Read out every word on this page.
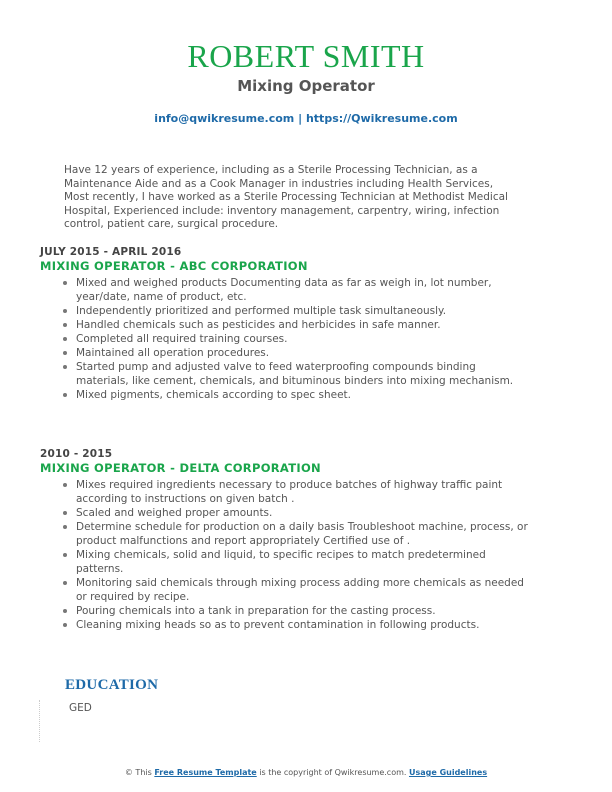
ROBERT SMITH
Mixing Operator
info@qwikresume.com | https://Qwikresume.com

Have 12 years of experience, including as a Sterile Processing Technician, as a Maintenance Aide and as a Cook Manager in industries including Health Services, Most recently, I have worked as a Sterile Processing Technician at Methodist Medical Hospital, Experienced include: inventory management, carpentry, wiring, infection control, patient care, surgical procedure.

JULY 2015 - APRIL 2016
MIXING OPERATOR - ABC CORPORATION
Mixed and weighed products Documenting data as far as weigh in, lot number, year/date, name of product, etc.
Independently prioritized and performed multiple task simultaneously.
Handled chemicals such as pesticides and herbicides in safe manner.
Completed all required training courses.
Maintained all operation procedures.
Started pump and adjusted valve to feed waterproofing compounds binding materials, like cement, chemicals, and bituminous binders into mixing mechanism.
Mixed pigments, chemicals according to spec sheet.
2010 - 2015
MIXING OPERATOR - DELTA CORPORATION
Mixes required ingredients necessary to produce batches of highway traffic paint according to instructions on given batch .
Scaled and weighed proper amounts.
Determine schedule for production on a daily basis Troubleshoot machine, process, or product malfunctions and report appropriately Certified use of .
Mixing chemicals, solid and liquid, to specific recipes to match predetermined patterns.
Monitoring said chemicals through mixing process adding more chemicals as needed or required by recipe.
Pouring chemicals into a tank in preparation for the casting process.
Cleaning mixing heads so as to prevent contamination in following products.
EDUCATION
GED
© This Free Resume Template is the copyright of Qwikresume.com. Usage Guidelines
